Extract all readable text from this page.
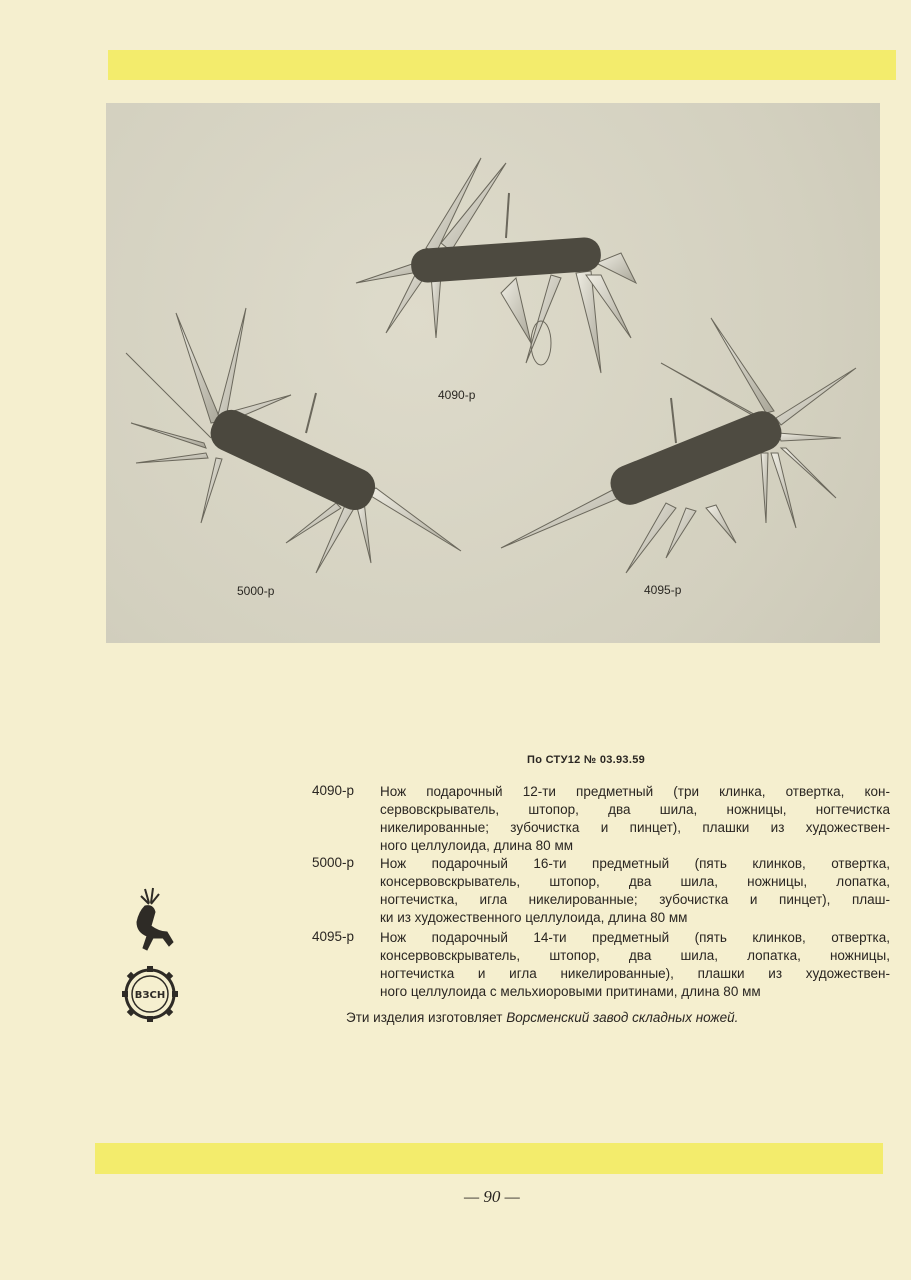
4090-р
5000-р	4095-р
По СТУ12 № 03.93.59
4090-р Нож подарочный 12-ти предметный (три клинка, отвертка, кон-
сервовскрыватель, штопор, два шила, ножницы, ногтечистка
никелированные; зубочистка и пинцет), плашки из художествен-
ного целлулоида, длина 80 мм
5000-р Нож подарочный 16-ти предметный (пять клинков, отвертка,
консервовскрыватель, штопор, два шила, ножницы, лопатка,
ногтечистка, игла никелированные; зубочистка и пинцет), плаш-
ки из художественного целлулоида, длина 80 мм
4095-р Нож подарочный 14-ти предметный (пять клинков, отвертка,
консервовскрыватель, штопор, два шила, лопатка, ножницы,
ногтечистка и игла никелированные), плашки из художествен-
ного целлулоида с мельхиоровыми притинами, длина 80 мм
Эти изделия изготовляет Ворсменский завод складных ножей.
ВЗСН
— 90 —
